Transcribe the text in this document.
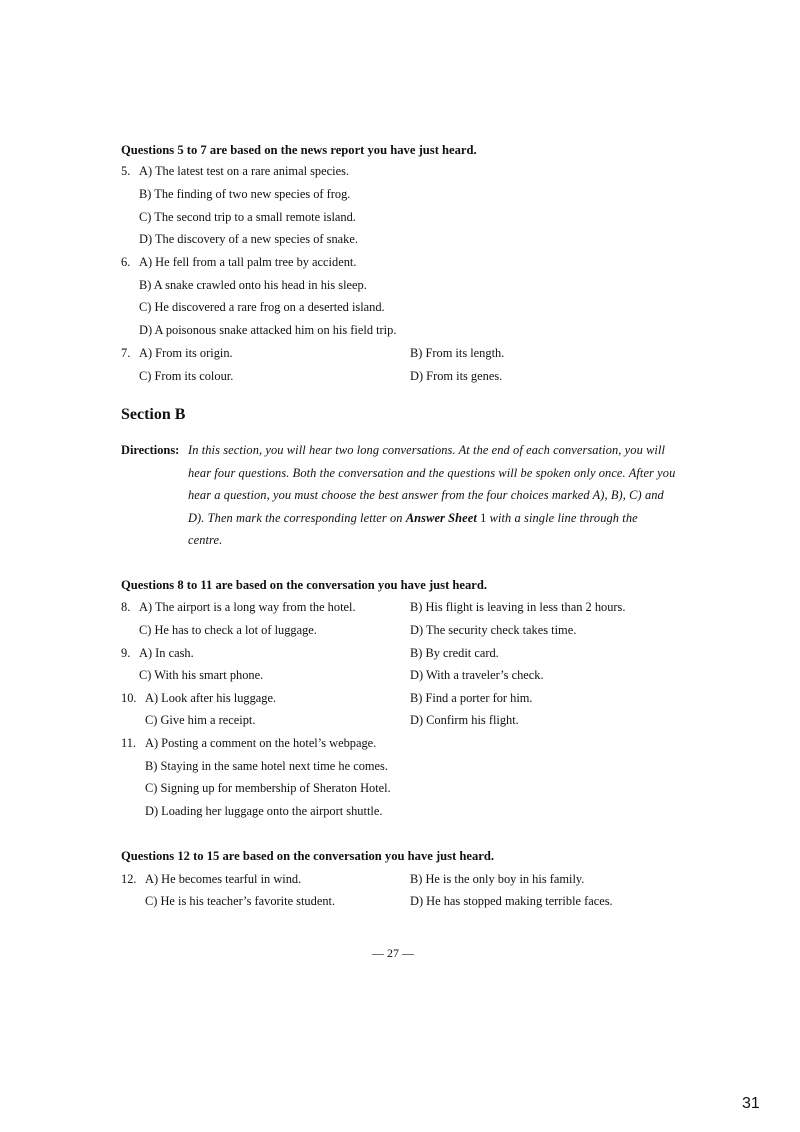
Questions 5 to 7 are based on the news report you have just heard.
5. A) The latest test on a rare animal species.
B) The finding of two new species of frog.
C) The second trip to a small remote island.
D) The discovery of a new species of snake.
6. A) He fell from a tall palm tree by accident.
B) A snake crawled onto his head in his sleep.
C) He discovered a rare frog on a deserted island.
D) A poisonous snake attacked him on his field trip.
7. A) From its origin.	B) From its length.
C) From its colour.	D) From its genes.
Section B
Directions: In this section, you will hear two long conversations. At the end of each conversation, you will
hear four questions. Both the conversation and the questions will be spoken only once. After you
hear a question, you must choose the best answer from the four choices marked A), B), C) and
D). Then mark the corresponding letter on Answer Sheet 1 with a single line through the
centre.
Questions 8 to 11 are based on the conversation you have just heard.
8. A) The airport is a long way from the hotel.	B) His flight is leaving in less than 2 hours.
C) He has to check a lot of luggage.	D) The security check takes time.
9. A) In cash.	B) By credit card.
C) With his smart phone.	D) With a traveler’s check.
10. A) Look after his luggage.	B) Find a porter for him.
C) Give him a receipt.	D) Confirm his flight.
11. A) Posting a comment on the hotel’s webpage.
B) Staying in the same hotel next time he comes.
C) Signing up for membership of Sheraton Hotel.
D) Loading her luggage onto the airport shuttle.
Questions 12 to 15 are based on the conversation you have just heard.
12. A) He becomes tearful in wind.	B) He is the only boy in his family.
C) He is his teacher’s favorite student.	D) He has stopped making terrible faces.
— 27 —
31
